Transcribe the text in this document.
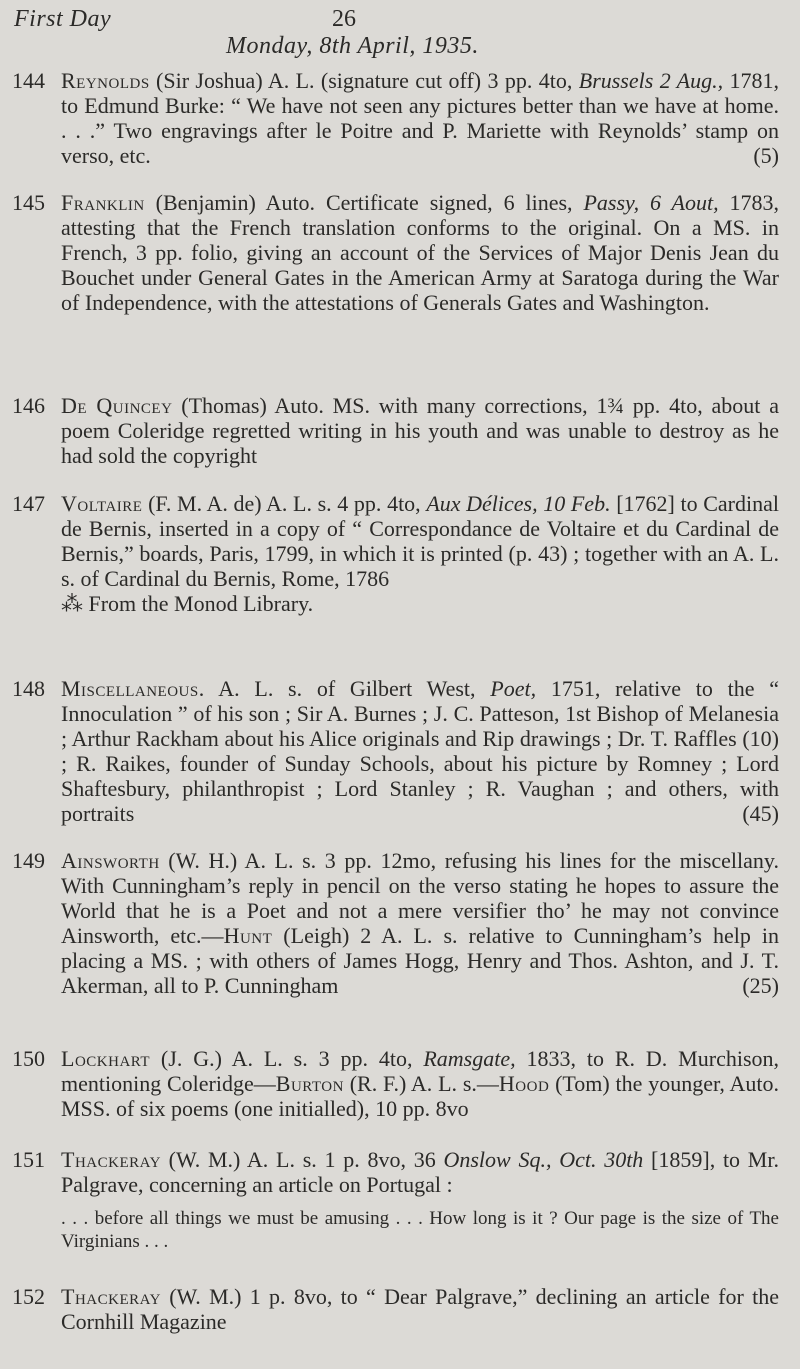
First Day	26
Monday, 8th April, 1935.
144 Reynolds (Sir Joshua) A. L. (signature cut off) 3 pp. 4to, Brussels 2 Aug., 1781, to Edmund Burke: “ We have not seen any pictures better than we have at home. . . .” Two engravings after le Poitre and P. Mariette with Reynolds’ stamp on verso, etc.	(5)

145 Franklin (Benjamin) Auto. Certificate signed, 6 lines, Passy, 6 Aout, 1783, attesting that the French translation conforms to the original. On a MS. in French, 3 pp. folio, giving an account of the Services of Major Denis Jean du Bouchet under General Gates in the American Army at Saratoga during the War of Independence, with the attestations of Generals Gates and Washington.

146 De Quincey (Thomas) Auto. MS. with many corrections, 1¾ pp. 4to, about a poem Coleridge regretted writing in his youth and was unable to destroy as he had sold the copyright

147 Voltaire (F. M. A. de) A. L. s. 4 pp. 4to, Aux Délices, 10 Feb. [1762] to Cardinal de Bernis, inserted in a copy of “ Correspondance de Voltaire et du Cardinal de Bernis,” boards, Paris, 1799, in which it is printed (p. 43) ; together with an A. L. s. of Cardinal du Bernis, Rome, 1786
⁂ From the Monod Library.

148 Miscellaneous. A. L. s. of Gilbert West, Poet, 1751, relative to the “ Innoculation ” of his son ; Sir A. Burnes ; J. C. Patteson, 1st Bishop of Melanesia ; Arthur Rackham about his Alice originals and Rip drawings ; Dr. T. Raffles (10) ; R. Raikes, founder of Sunday Schools, about his picture by Romney ; Lord Shaftesbury, philanthropist ; Lord Stanley ; R. Vaughan ; and others, with portraits	(45)

149 Ainsworth (W. H.) A. L. s. 3 pp. 12mo, refusing his lines for the miscellany. With Cunningham’s reply in pencil on the verso stating he hopes to assure the World that he is a Poet and not a mere versifier tho’ he may not convince Ainsworth, etc.—Hunt (Leigh) 2 A. L. s. relative to Cunningham’s help in placing a MS. ; with others of James Hogg, Henry and Thos. Ashton, and J. T. Akerman, all to P. Cunningham	(25)

150 Lockhart (J. G.) A. L. s. 3 pp. 4to, Ramsgate, 1833, to R. D. Murchison, mentioning Coleridge—Burton (R. F.) A. L. s.—Hood (Tom) the younger, Auto. MSS. of six poems (one initialled), 10 pp. 8vo

151 Thackeray (W. M.) A. L. s. 1 p. 8vo, 36 Onslow Sq., Oct. 30th [1859], to Mr. Palgrave, concerning an article on Portugal :
. . . before all things we must be amusing . . . How long is it ? Our page is the size of The Virginians . . .

152 Thackeray (W. M.) 1 p. 8vo, to “ Dear Palgrave,” declining an article for the Cornhill Magazine
